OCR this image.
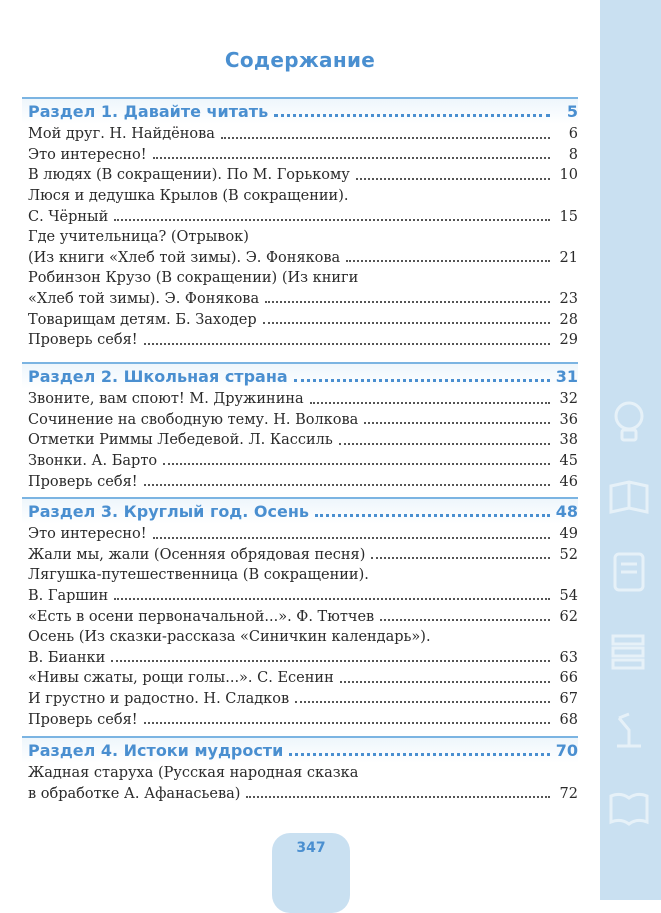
Содержание
Раздел 1. Давайте читать	5
Мой друг. Н. Найдёнова	6
Это интересно!	8
В людях (В сокращении). По М. Горькому	10
Люся и дедушка Крылов (В сокращении).
С. Чёрный	15
Где учительница? (Отрывок)
(Из книги «Хлеб той зимы). Э. Фонякова	21
Робинзон Крузо (В сокращении) (Из книги
«Хлеб той зимы). Э. Фонякова	23
Товарищам детям. Б. Заходер	28
Проверь себя!	29
Раздел 2. Школьная страна	31
Звоните, вам споют! М. Дружинина	32
Сочинение на свободную тему. Н. Волкова	36
Отметки Риммы Лебедевой. Л. Кассиль	38
Звонки. А. Барто	45
Проверь себя!	46
Раздел 3. Круглый год. Осень	48
Это интересно!	49
Жали мы, жали (Осенняя обрядовая песня)	52
Лягушка-путешественница (В сокращении).
В. Гаршин	54
«Есть в осени первоначальной...». Ф. Тютчев	62
Осень (Из сказки-рассказа «Синичкин календарь»).
В. Бианки	63
«Нивы сжаты, рощи голы...». С. Есенин	66
И грустно и радостно. Н. Сладков	67
Проверь себя!	68
Раздел 4. Истоки мудрости	70
Жадная старуха (Русская народная сказка
в обработке А. Афанасьева)	72
347
